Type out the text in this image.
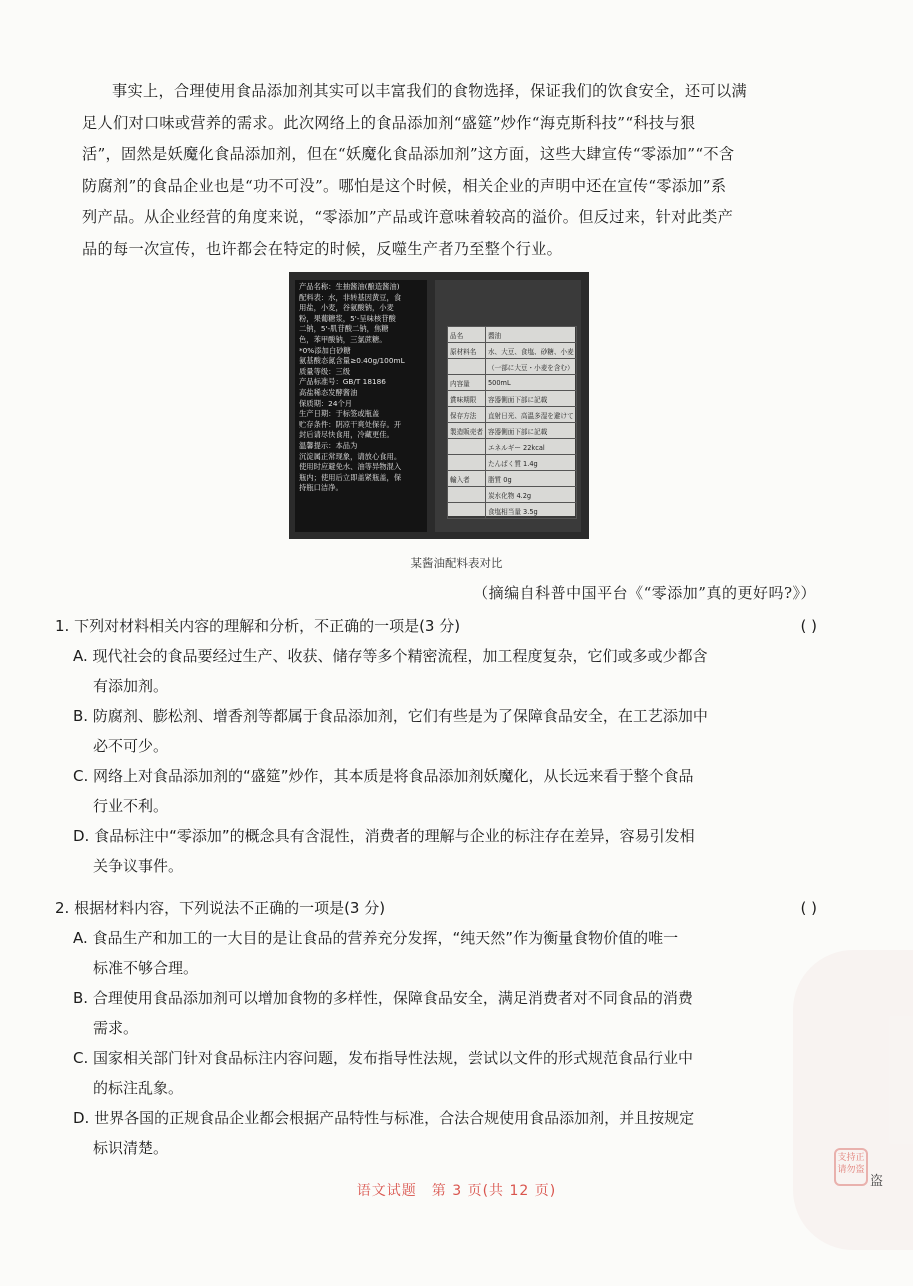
事实上，合理使用食品添加剂其实可以丰富我们的食物选择，保证我们的饮食安全，还可以满
足人们对口味或营养的需求。此次网络上的食品添加剂“盛筵”炒作“海克斯科技”“科技与狠
活”，固然是妖魔化食品添加剂，但在“妖魔化食品添加剂”这方面，这些大肆宣传“零添加”“不含
防腐剂”的食品企业也是“功不可没”。哪怕是这个时候，相关企业的声明中还在宣传“零添加”系
列产品。从企业经营的角度来说，“零添加”产品或许意味着较高的溢价。但反过来，针对此类产
品的每一次宣传，也许都会在特定的时候，反噬生产者乃至整个行业。
产品名称：生抽酱油(酿造酱油)
配料表：水，非转基因黄豆，食
用盐，小麦，谷氨酸钠，小麦
粉，果葡糖浆，5'-呈味核苷酸
二钠，5'-肌苷酸二钠，焦糖
色，苯甲酸钠，三氯蔗糖。
*0%添加白砂糖
氨基酸态氮含量≥0.40g/100mL
质量等级：三级
产品标准号：GB/T 18186
高盐稀态发酵酱油
保质期：24个月
生产日期：于标签或瓶盖
贮存条件：阴凉干爽处保存。开
封后请尽快食用，冷藏更佳。
温馨提示：本品为
沉淀属正常现象，请放心食用。
使用时应避免水、油等异物混入
瓶内；使用后立即盖紧瓶盖，保
持瓶口洁净。
品名	醬油
原材料名	水、大豆、食塩、砂糖、小麦
	（一部に大豆・小麦を含む）
内容量	500mL
賞味期限	容器側面下部に記載
保存方法	直射日光、高温多湿を避けて
製造販売者	容器側面下部に記載
	エネルギー 22kcal
	たんぱく質 1.4g
輸入者	脂質 0g
	炭水化物 4.2g
	食塩相当量 3.5g
某酱油配料表对比
（摘编自科普中国平台《“零添加”真的更好吗?》）
1. 下列对材料相关内容的理解和分析，不正确的一项是(3 分)	( )
A. 现代社会的食品要经过生产、收获、储存等多个精密流程，加工程度复杂，它们或多或少都含
有添加剂。
B. 防腐剂、膨松剂、增香剂等都属于食品添加剂，它们有些是为了保障食品安全，在工艺添加中
必不可少。
C. 网络上对食品添加剂的“盛筵”炒作，其本质是将食品添加剂妖魔化，从长远来看于整个食品
行业不利。
D. 食品标注中“零添加”的概念具有含混性，消费者的理解与企业的标注存在差异，容易引发相
关争议事件。
2. 根据材料内容，下列说法不正确的一项是(3 分)	( )
A. 食品生产和加工的一大目的是让食品的营养充分发挥，“纯天然”作为衡量食物价值的唯一
标准不够合理。
B. 合理使用食品添加剂可以增加食物的多样性，保障食品安全，满足消费者对不同食品的消费
需求。
C. 国家相关部门针对食品标注内容问题，发布指导性法规，尝试以文件的形式规范食品行业中
的标注乱象。
D. 世界各国的正规食品企业都会根据产品特性与标准，合法合规使用食品添加剂，并且按规定
标识清楚。
语文试题　第 3 页(共 12 页)
支持正
请勿盗
盗
